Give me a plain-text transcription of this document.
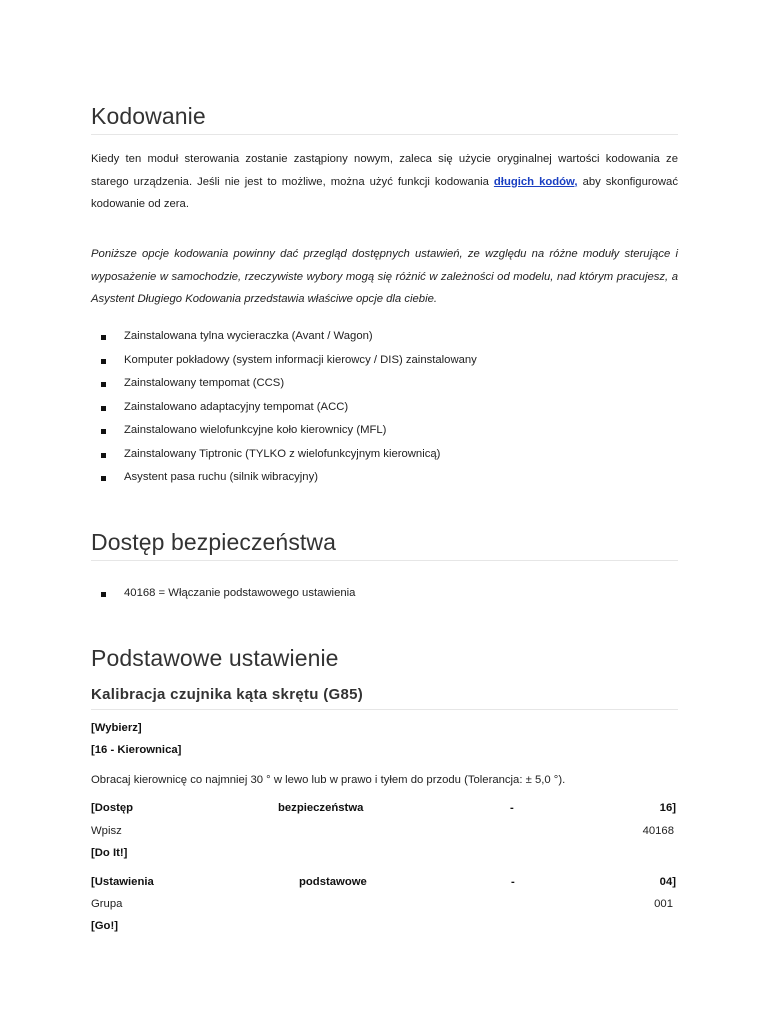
Kodowanie

Kiedy ten moduł sterowania zostanie zastąpiony nowym, zaleca się użycie oryginalnej wartości kodowania ze starego urządzenia. Jeśli nie jest to możliwe, można użyć funkcji kodowania długich kodów, aby skonfigurować kodowanie od zera.

Poniższe opcje kodowania powinny dać przegląd dostępnych ustawień, ze względu na różne moduły sterujące i wyposażenie w samochodzie, rzeczywiste wybory mogą się różnić w zależności od modelu, nad którym pracujesz, a Asystent Długiego Kodowania przedstawia właściwe opcje dla ciebie.

Zainstalowana tylna wycieraczka (Avant / Wagon)
Komputer pokładowy (system informacji kierowcy / DIS) zainstalowany
Zainstalowany tempomat (CCS)
Zainstalowano adaptacyjny tempomat (ACC)
Zainstalowano wielofunkcyjne koło kierownicy (MFL)
Zainstalowany Tiptronic (TYLKO z wielofunkcyjnym kierownicą)
Asystent pasa ruchu (silnik wibracyjny)
Dostęp bezpieczeństwa
40168 = Włączanie podstawowego ustawienia
Podstawowe ustawienie
Kalibracja czujnika kąta skrętu (G85)
[Wybierz]
[16 - Kierownica]
Obracaj kierownicę co najmniej 30 ° w lewo lub w prawo i tyłem do przodu (Tolerancja: ± 5,0 °).
[Dostęp	bezpieczeństwa	-	16]
Wpisz	40168
[Do It!]
[Ustawienia	podstawowe	-	04]
Grupa	001
[Go!]
